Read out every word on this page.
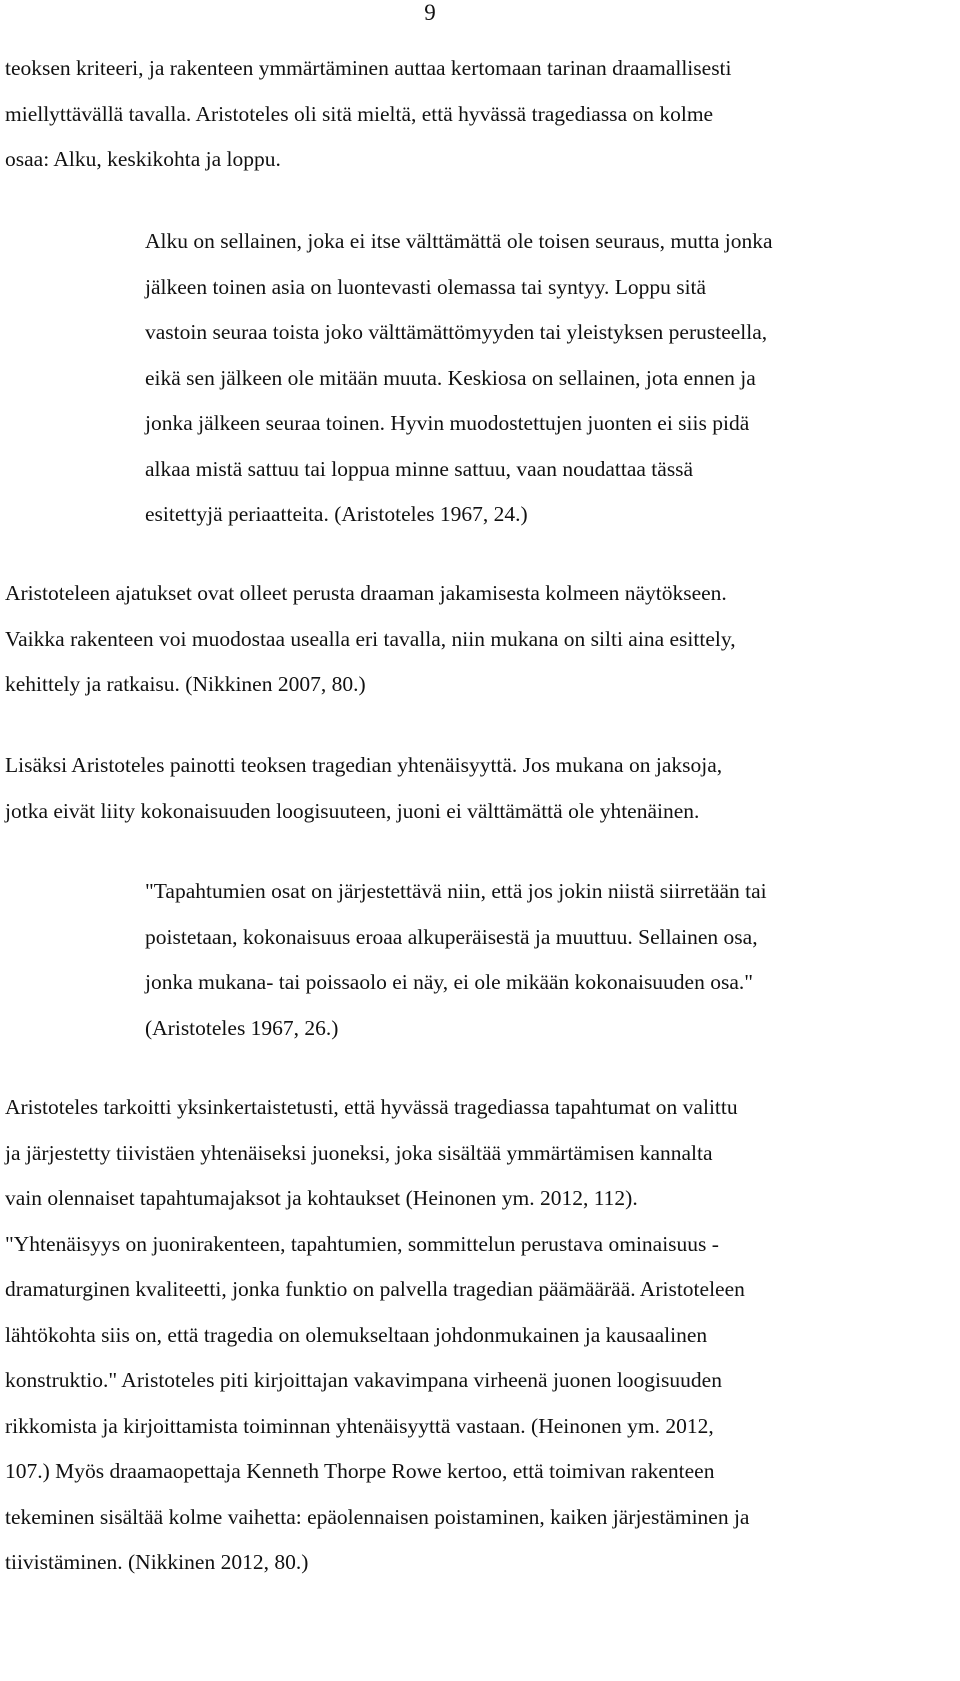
9

teoksen kriteeri, ja rakenteen ymmärtäminen auttaa kertomaan tarinan draamallisesti
miellyttävällä tavalla. Aristoteles oli sitä mieltä, että hyvässä tragediassa on kolme
osaa: Alku, keskikohta ja loppu.

Alku on sellainen, joka ei itse välttämättä ole toisen seuraus, mutta jonka
jälkeen toinen asia on luontevasti olemassa tai syntyy. Loppu sitä
vastoin seuraa toista joko välttämättömyyden tai yleistyksen perusteella,
eikä sen jälkeen ole mitään muuta. Keskiosa on sellainen, jota ennen ja
jonka jälkeen seuraa toinen. Hyvin muodostettujen juonten ei siis pidä
alkaa mistä sattuu tai loppua minne sattuu, vaan noudattaa tässä
esitettyjä periaatteita. (Aristoteles 1967, 24.)

Aristoteleen ajatukset ovat olleet perusta draaman jakamisesta kolmeen näytökseen.
Vaikka rakenteen voi muodostaa usealla eri tavalla, niin mukana on silti aina esittely,
kehittely ja ratkaisu. (Nikkinen 2007, 80.)

Lisäksi Aristoteles painotti teoksen tragedian yhtenäisyyttä. Jos mukana on jaksoja,
jotka eivät liity kokonaisuuden loogisuuteen, juoni ei välttämättä ole yhtenäinen.

"Tapahtumien osat on järjestettävä niin, että jos jokin niistä siirretään tai
poistetaan, kokonaisuus eroaa alkuperäisestä ja muuttuu. Sellainen osa,
jonka mukana- tai poissaolo ei näy, ei ole mikään kokonaisuuden osa."
(Aristoteles 1967, 26.)

Aristoteles tarkoitti yksinkertaistetusti, että hyvässä tragediassa tapahtumat on valittu
ja järjestetty tiivistäen yhtenäiseksi juoneksi, joka sisältää ymmärtämisen kannalta
vain olennaiset tapahtumajaksot ja kohtaukset (Heinonen ym. 2012, 112).
"Yhtenäisyys on juonirakenteen, tapahtumien, sommittelun perustava ominaisuus -
dramaturginen kvaliteetti, jonka funktio on palvella tragedian päämäärää. Aristoteleen
lähtökohta siis on, että tragedia on olemukseltaan johdonmukainen ja kausaalinen
konstruktio." Aristoteles piti kirjoittajan vakavimpana virheenä juonen loogisuuden
rikkomista ja kirjoittamista toiminnan yhtenäisyyttä vastaan. (Heinonen ym. 2012,
107.) Myös draamaopettaja Kenneth Thorpe Rowe kertoo, että toimivan rakenteen
tekeminen sisältää kolme vaihetta: epäolennaisen poistaminen, kaiken järjestäminen ja
tiivistäminen. (Nikkinen 2012, 80.)
